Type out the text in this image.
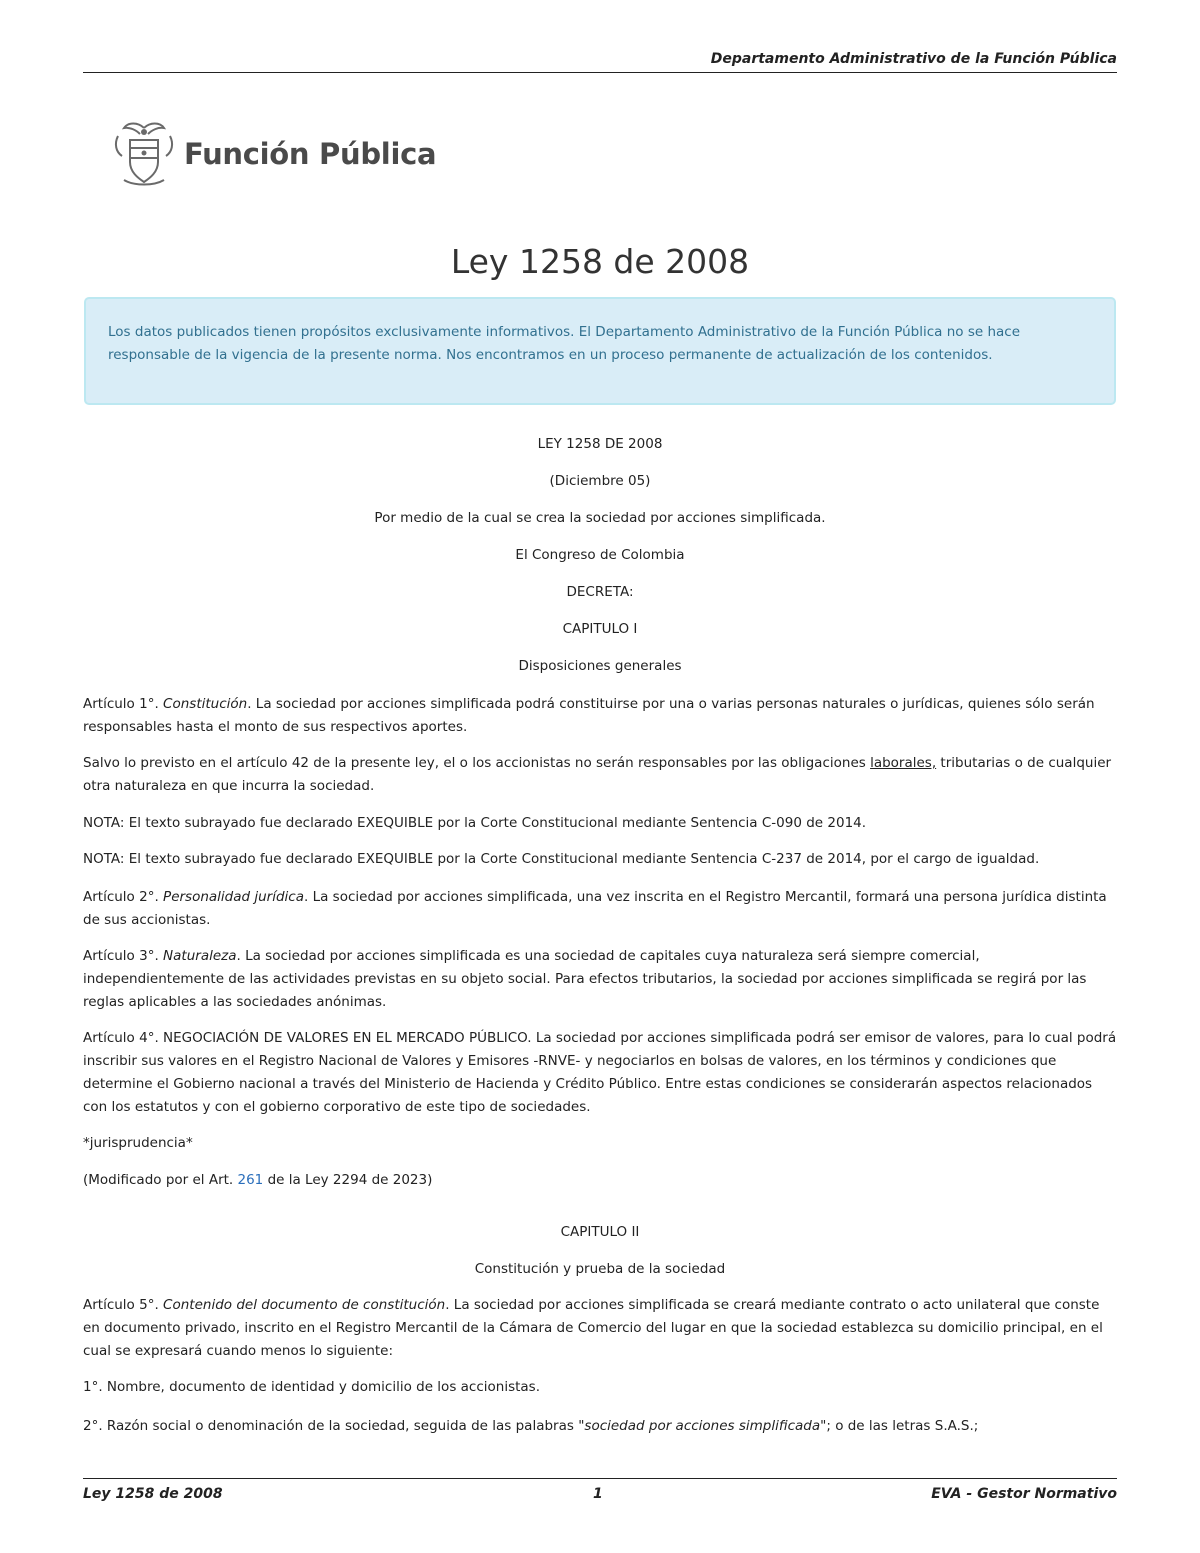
Departamento Administrativo de la Función Pública
Función Pública
Ley 1258 de 2008
Los datos publicados tienen propósitos exclusivamente informativos. El Departamento Administrativo de la Función Pública no se hace responsable de la vigencia de la presente norma. Nos encontramos en un proceso permanente de actualización de los contenidos.
LEY 1258 DE 2008
(Diciembre 05)
Por medio de la cual se crea la sociedad por acciones simplificada.
El Congreso de Colombia
DECRETA:
CAPITULO I
Disposiciones generales

Artículo 1°. Constitución. La sociedad por acciones simplificada podrá constituirse por una o varias personas naturales o jurídicas, quienes sólo serán responsables hasta el monto de sus respectivos aportes.

Salvo lo previsto en el artículo 42 de la presente ley, el o los accionistas no serán responsables por las obligaciones laborales, tributarias o de cualquier otra naturaleza en que incurra la sociedad.

NOTA: El texto subrayado fue declarado EXEQUIBLE por la Corte Constitucional mediante Sentencia C-090 de 2014.

NOTA: El texto subrayado fue declarado EXEQUIBLE por la Corte Constitucional mediante Sentencia C-237 de 2014, por el cargo de igualdad.

Artículo 2°. Personalidad jurídica. La sociedad por acciones simplificada, una vez inscrita en el Registro Mercantil, formará una persona jurídica distinta de sus accionistas.

Artículo 3°. Naturaleza. La sociedad por acciones simplificada es una sociedad de capitales cuya naturaleza será siempre comercial, independientemente de las actividades previstas en su objeto social. Para efectos tributarios, la sociedad por acciones simplificada se regirá por las reglas aplicables a las sociedades anónimas.

Artículo 4°. NEGOCIACIÓN DE VALORES EN EL MERCADO PÚBLICO. La sociedad por acciones simplificada podrá ser emisor de valores, para lo cual podrá inscribir sus valores en el Registro Nacional de Valores y Emisores -RNVE- y negociarlos en bolsas de valores, en los términos y condiciones que determine el Gobierno nacional a través del Ministerio de Hacienda y Crédito Público. Entre estas condiciones se considerarán aspectos relacionados con los estatutos y con el gobierno corporativo de este tipo de sociedades.

*jurisprudencia*

(Modificado por el Art. 261 de la Ley 2294 de 2023)

CAPITULO II
Constitución y prueba de la sociedad

Artículo 5°. Contenido del documento de constitución. La sociedad por acciones simplificada se creará mediante contrato o acto unilateral que conste en documento privado, inscrito en el Registro Mercantil de la Cámara de Comercio del lugar en que la sociedad establezca su domicilio principal, en el cual se expresará cuando menos lo siguiente:

1°. Nombre, documento de identidad y domicilio de los accionistas.

2°. Razón social o denominación de la sociedad, seguida de las palabras "sociedad por acciones simplificada"; o de las letras S.A.S.;

Ley 1258 de 2008	1	EVA - Gestor Normativo
